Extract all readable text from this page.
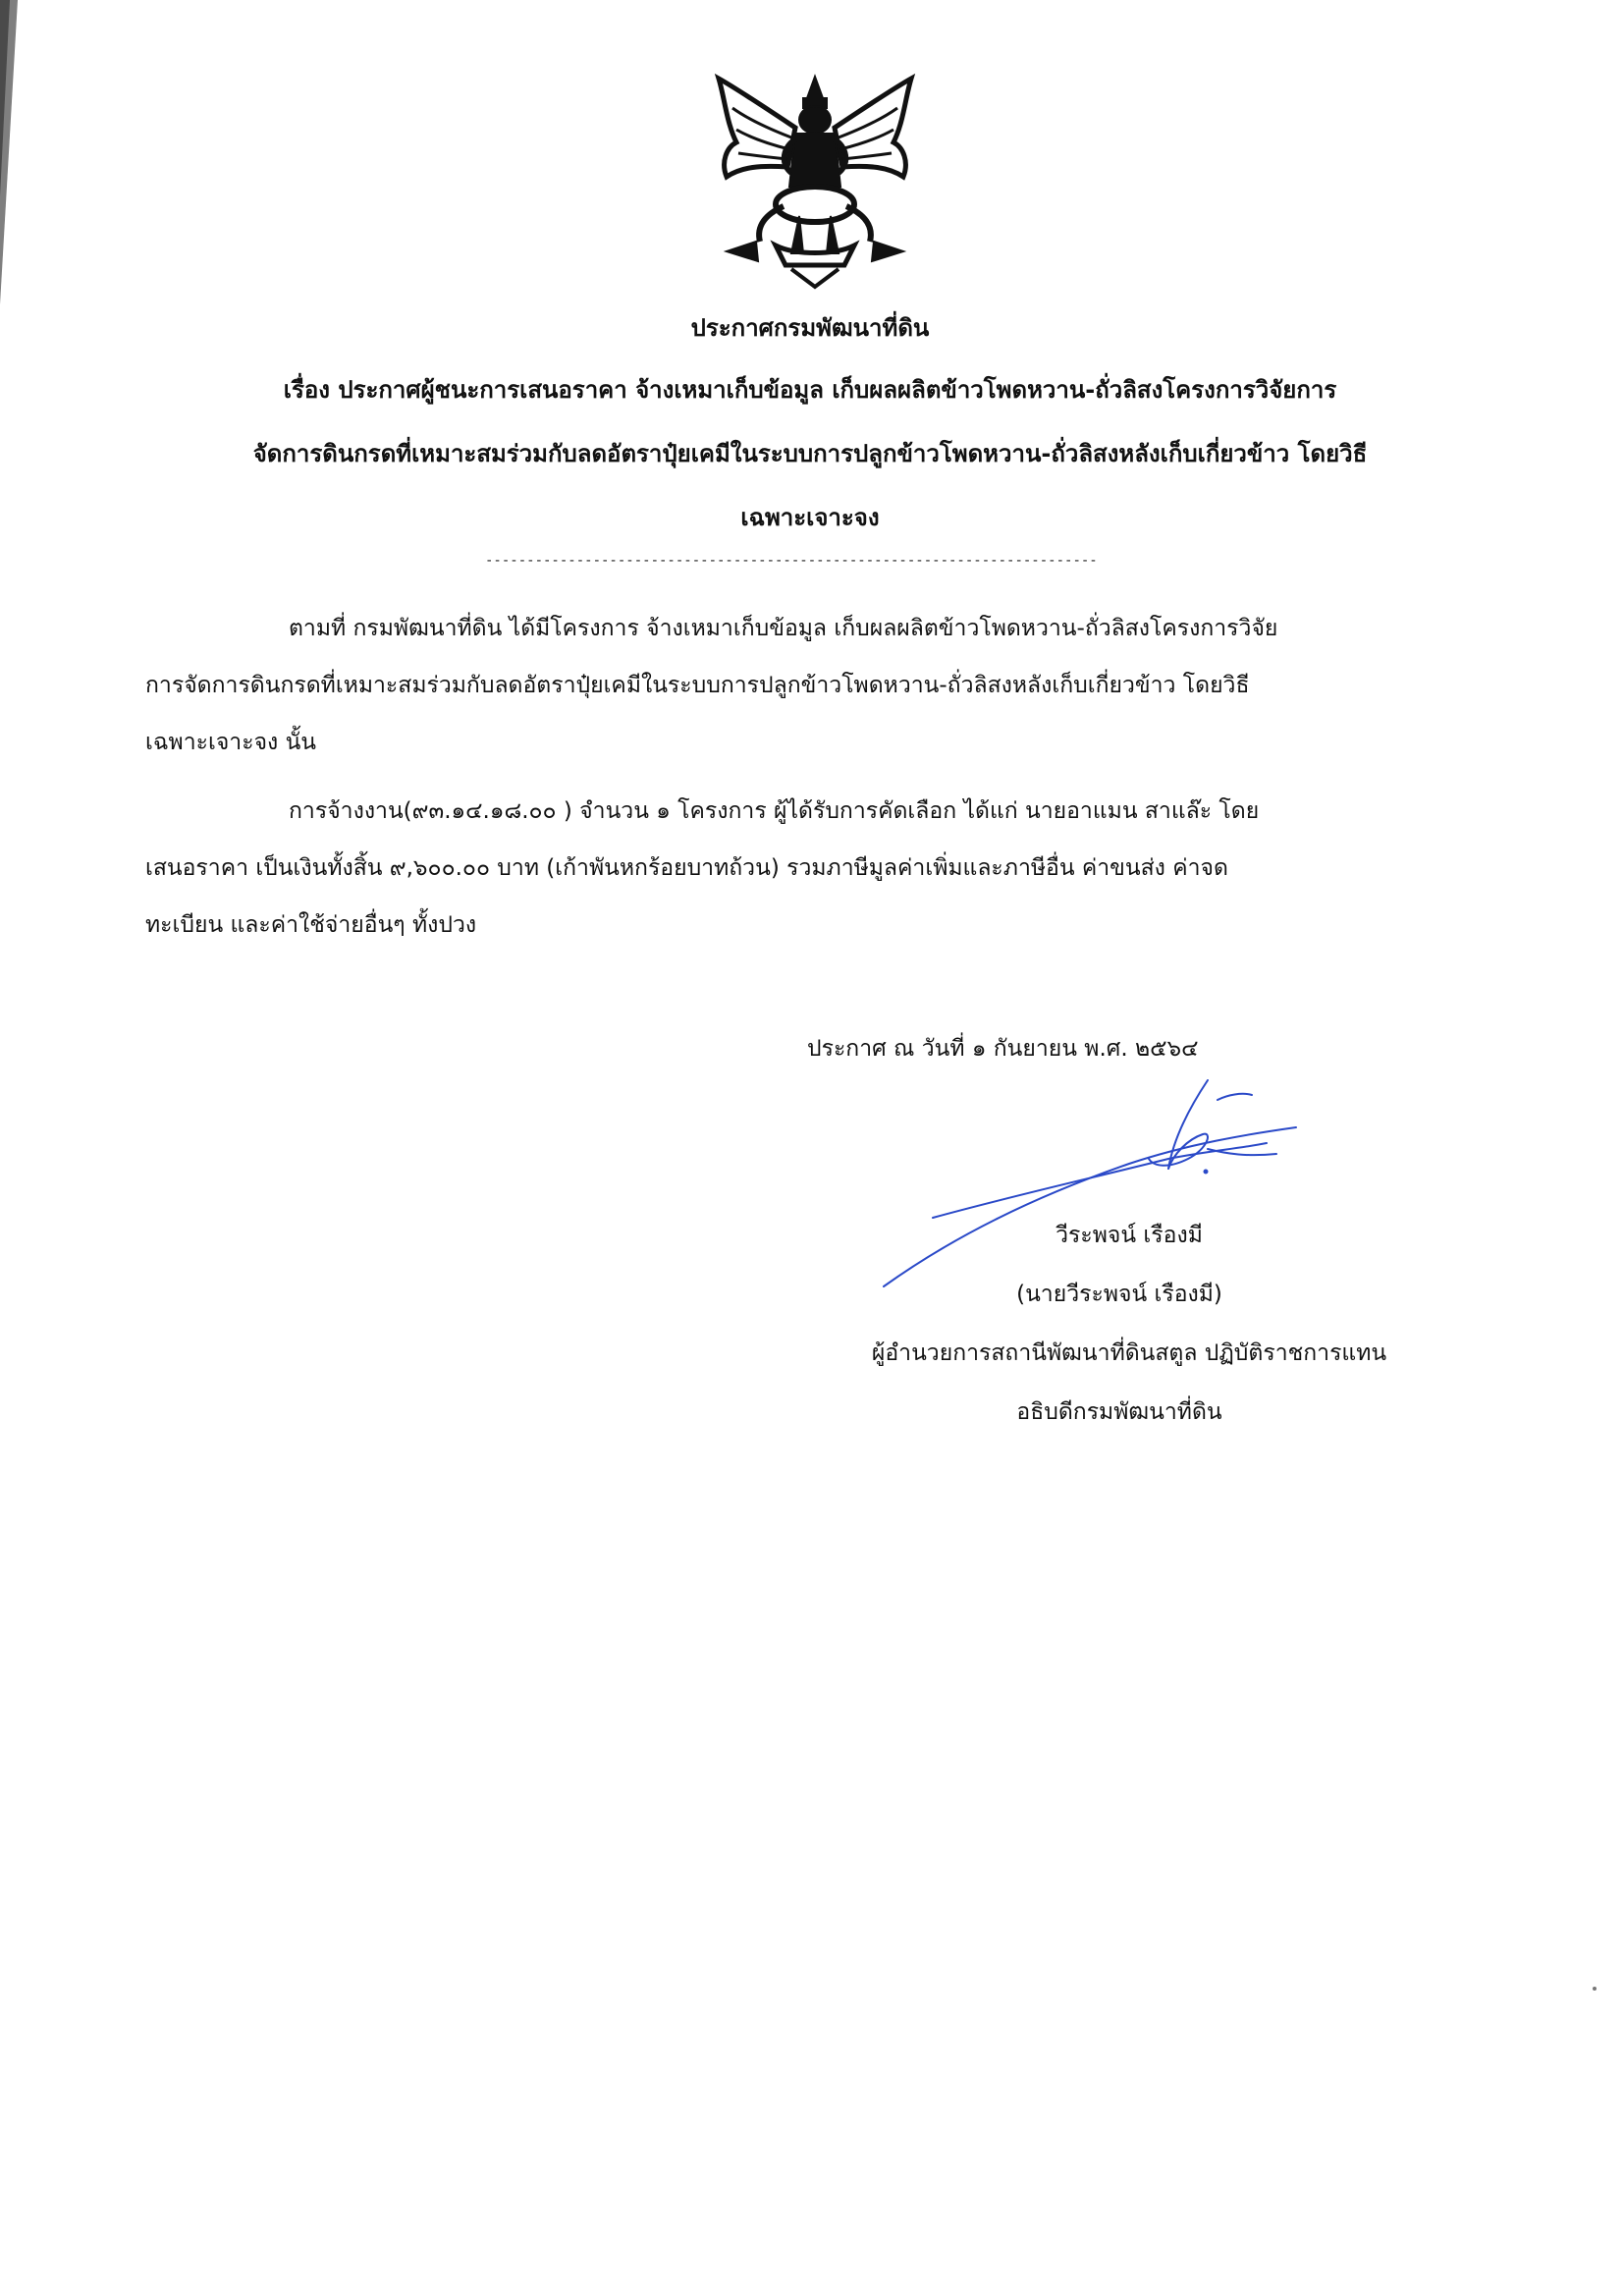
ประกาศกรมพัฒนาที่ดิน
เรื่อง ประกาศผู้ชนะการเสนอราคา จ้างเหมาเก็บข้อมูล เก็บผลผลิตข้าวโพดหวาน-ถั่วลิสงโครงการวิจัยการ
จัดการดินกรดที่เหมาะสมร่วมกับลดอัตราปุ๋ยเคมีในระบบการปลูกข้าวโพดหวาน-ถั่วลิสงหลังเก็บเกี่ยวข้าว โดยวิธี
เฉพาะเจาะจง
--------------------------------------------------------------------------
ตามที่ กรมพัฒนาที่ดิน ได้มีโครงการ จ้างเหมาเก็บข้อมูล เก็บผลผลิตข้าวโพดหวาน-ถั่วลิสงโครงการวิจัย
การจัดการดินกรดที่เหมาะสมร่วมกับลดอัตราปุ๋ยเคมีในระบบการปลูกข้าวโพดหวาน-ถั่วลิสงหลังเก็บเกี่ยวข้าว โดยวิธี
เฉพาะเจาะจง นั้น
การจ้างงาน(๙๓.๑๔.๑๘.๐๐ ) จำนวน ๑ โครงการ ผู้ได้รับการคัดเลือก ได้แก่ นายอาแมน สาแล๊ะ โดย
เสนอราคา เป็นเงินทั้งสิ้น ๙,๖๐๐.๐๐ บาท (เก้าพันหกร้อยบาทถ้วน) รวมภาษีมูลค่าเพิ่มและภาษีอื่น ค่าขนส่ง ค่าจด
ทะเบียน และค่าใช้จ่ายอื่นๆ ทั้งปวง
ประกาศ ณ วันที่ ๑ กันยายน พ.ศ. ๒๕๖๔
วีระพจน์ เรืองมี
(นายวีระพจน์ เรืองมี)
ผู้อำนวยการสถานีพัฒนาที่ดินสตูล ปฏิบัติราชการแทน
อธิบดีกรมพัฒนาที่ดิน
